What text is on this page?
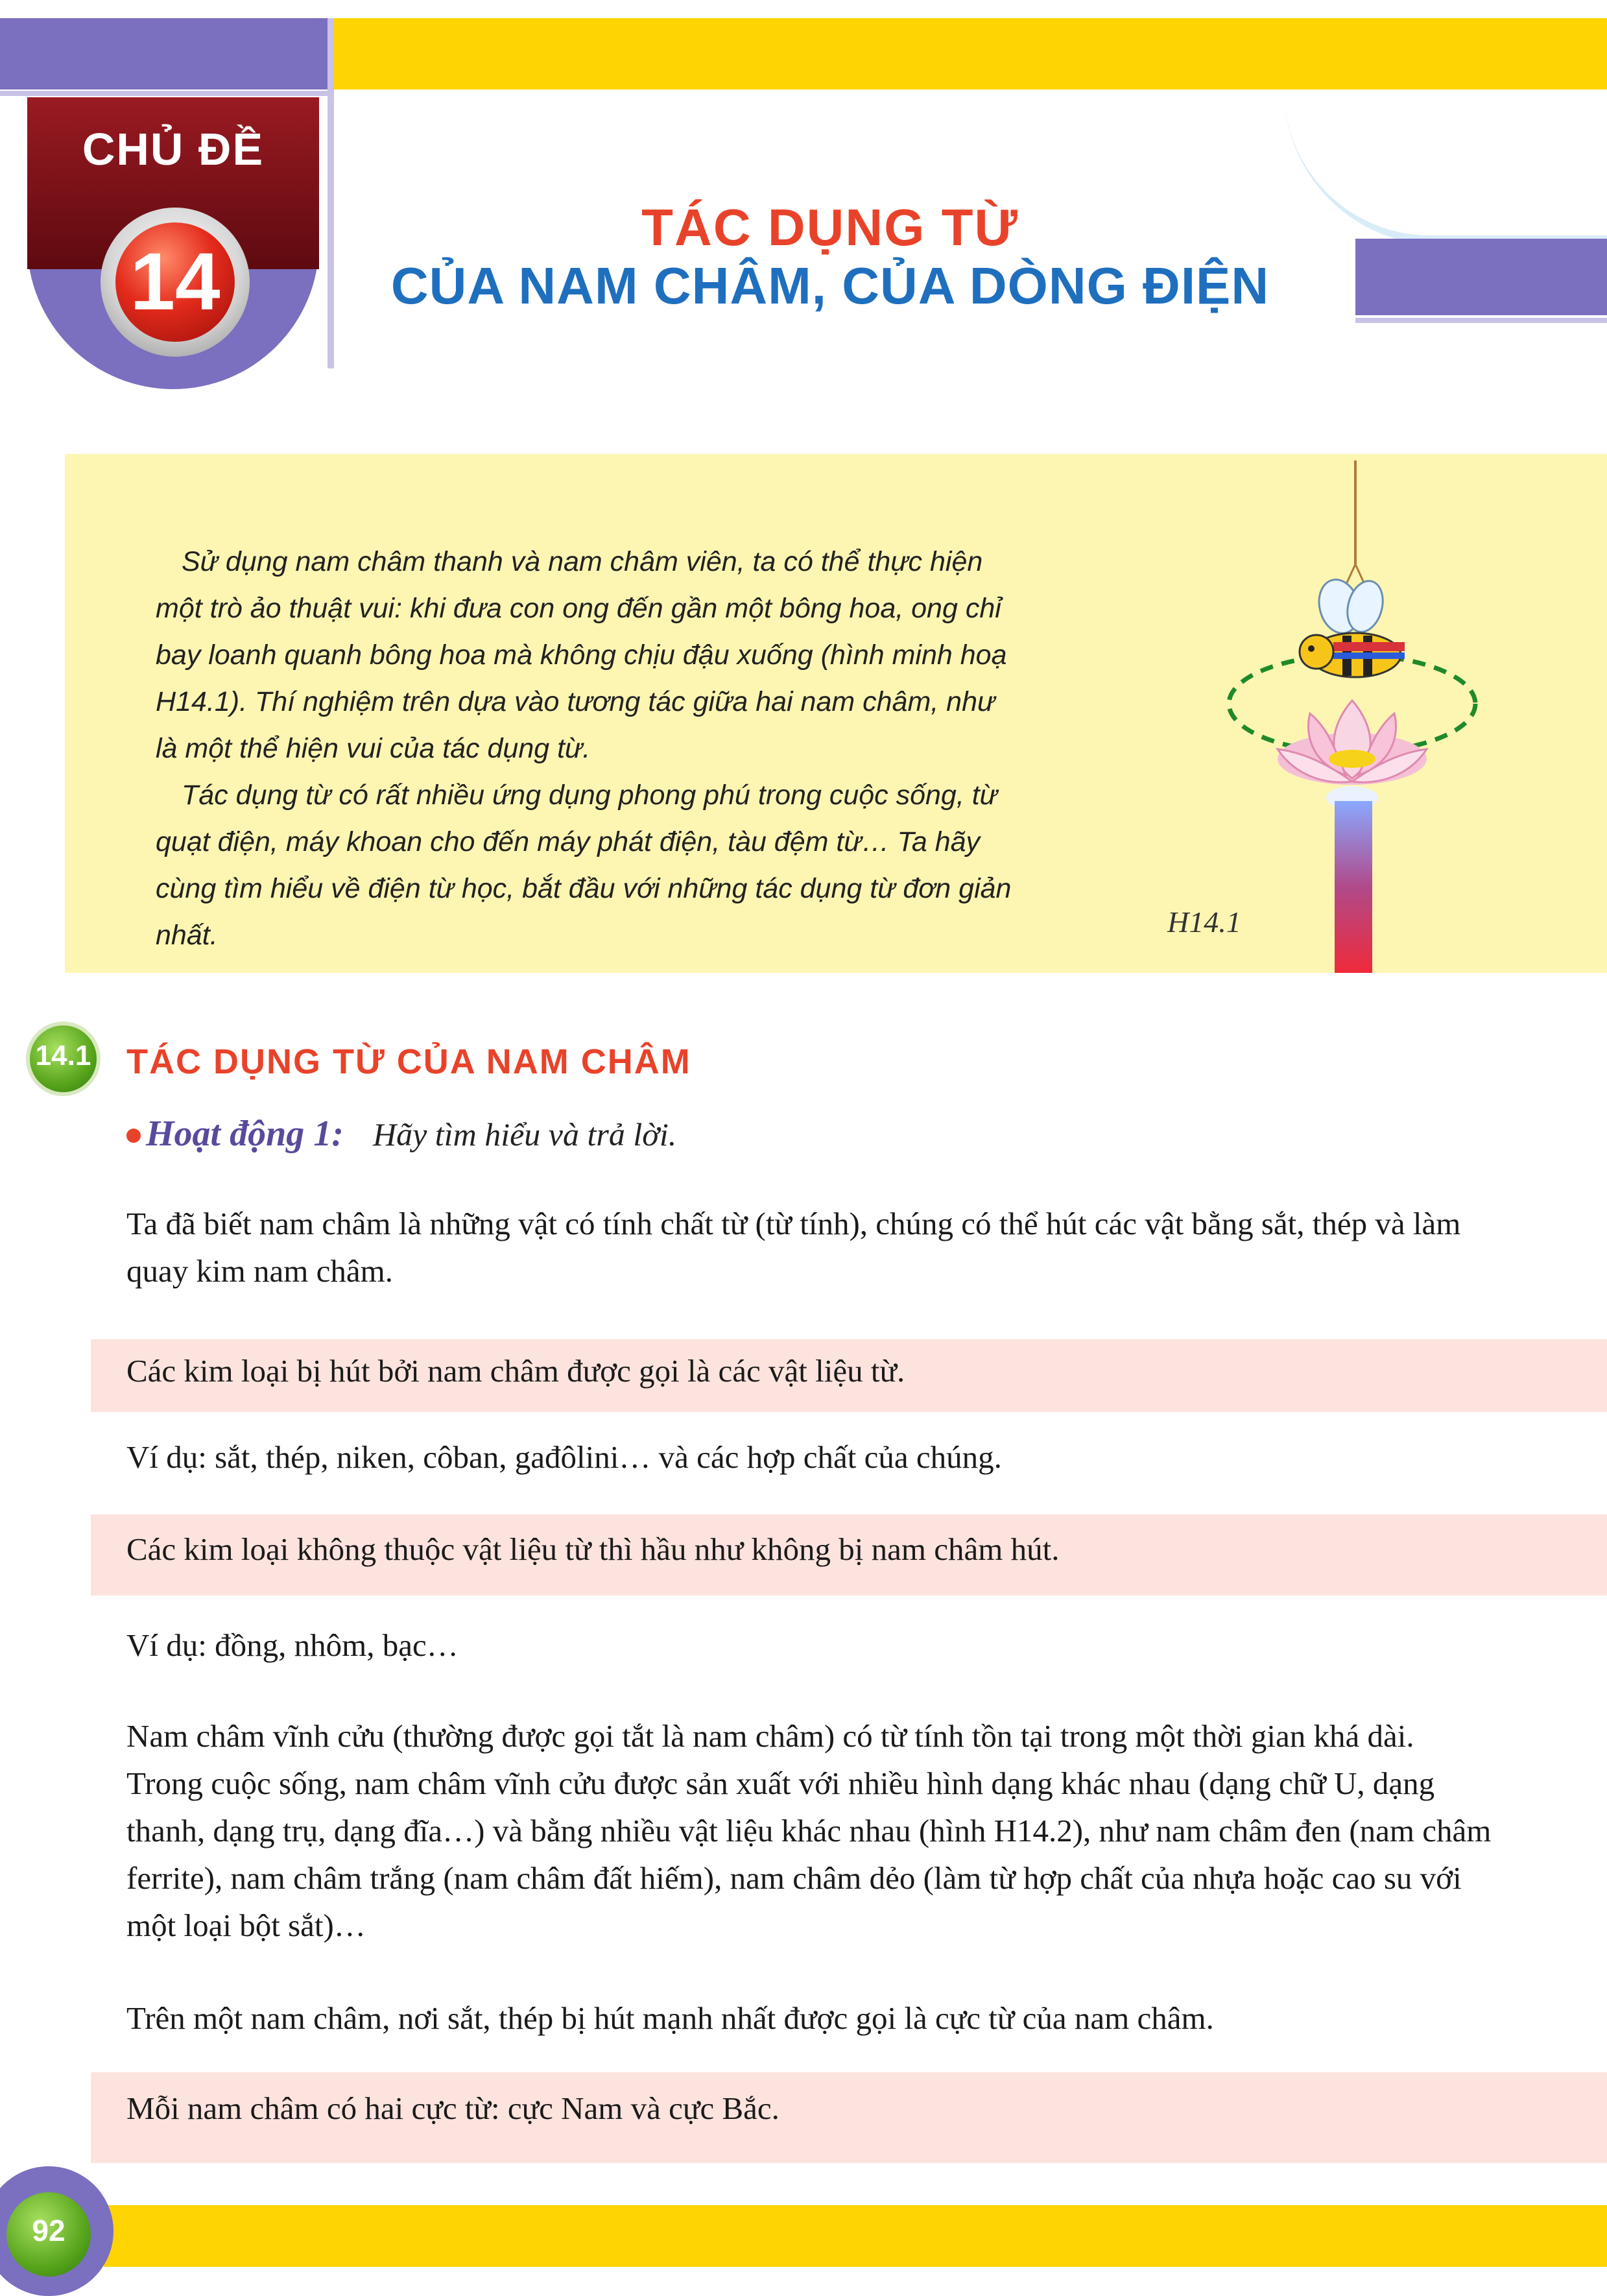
CHỦ ĐỀ
14
TÁC DỤNG TỪ
CỦA NAM CHÂM, CỦA DÒNG ĐIỆN

Sử dụng nam châm thanh và nam châm viên, ta có thể thực hiện một trò ảo thuật vui: khi đưa con ong đến gần một bông hoa, ong chỉ bay loanh quanh bông hoa mà không chịu đậu xuống (hình minh hoạ H14.1). Thí nghiệm trên dựa vào tương tác giữa hai nam châm, như là một thể hiện vui của tác dụng từ.

Tác dụng từ có rất nhiều ứng dụng phong phú trong cuộc sống, từ quạt điện, máy khoan cho đến máy phát điện, tàu đệm từ… Ta hãy cùng tìm hiểu về điện từ học, bắt đầu với những tác dụng từ đơn giản nhất.	H14.1
14.1 TÁC DỤNG TỪ CỦA NAM CHÂM
Hoạt động 1: Hãy tìm hiểu và trả lời.
Ta đã biết nam châm là những vật có tính chất từ (từ tính), chúng có thể hút các vật bằng sắt, thép và làm quay kim nam châm.
Các kim loại bị hút bởi nam châm được gọi là các vật liệu từ.
Ví dụ: sắt, thép, niken, côban, gađôlini… và các hợp chất của chúng.
Các kim loại không thuộc vật liệu từ thì hầu như không bị nam châm hút.
Ví dụ: đồng, nhôm, bạc…
Nam châm vĩnh cửu (thường được gọi tắt là nam châm) có từ tính tồn tại trong một thời gian khá dài. Trong cuộc sống, nam châm vĩnh cửu được sản xuất với nhiều hình dạng khác nhau (dạng chữ U, dạng thanh, dạng trụ, dạng đĩa…) và bằng nhiều vật liệu khác nhau (hình H14.2), như nam châm đen (nam châm ferrite), nam châm trắng (nam châm đất hiếm), nam châm dẻo (làm từ hợp chất của nhựa hoặc cao su với một loại bột sắt)…
Trên một nam châm, nơi sắt, thép bị hút mạnh nhất được gọi là cực từ của nam châm.
Mỗi nam châm có hai cực từ: cực Nam và cực Bắc.
92
